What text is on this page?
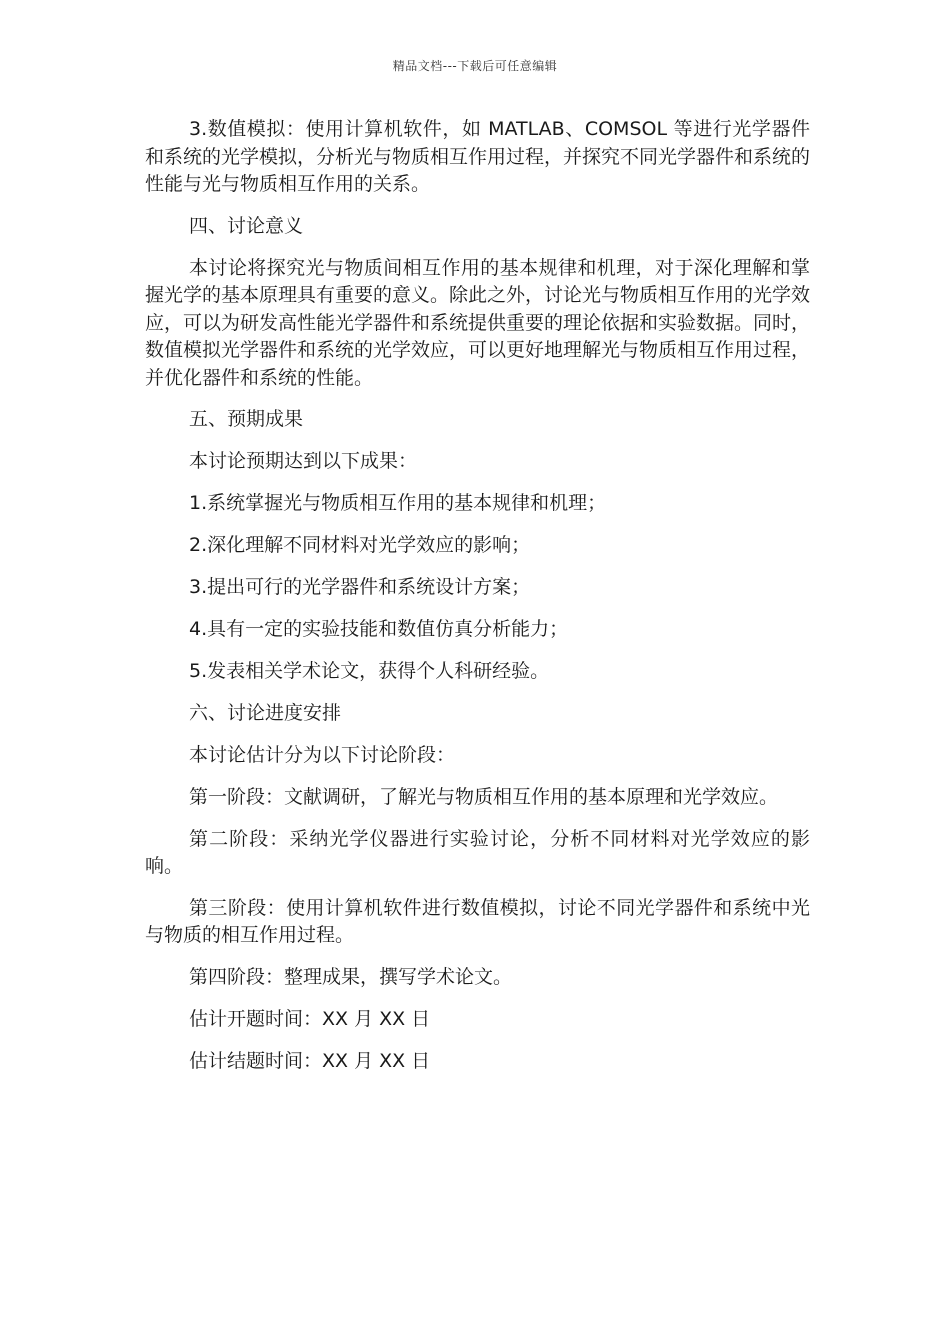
精品文档---下载后可任意编辑

3.数值模拟：使用计算机软件，如 MATLAB、COMSOL 等进行光学器件和系统的光学模拟，分析光与物质相互作用过程，并探究不同光学器件和系统的性能与光与物质相互作用的关系。

四、讨论意义

本讨论将探究光与物质间相互作用的基本规律和机理，对于深化理解和掌握光学的基本原理具有重要的意义。除此之外，讨论光与物质相互作用的光学效应，可以为研发高性能光学器件和系统提供重要的理论依据和实验数据。同时，数值模拟光学器件和系统的光学效应，可以更好地理解光与物质相互作用过程，并优化器件和系统的性能。

五、预期成果

本讨论预期达到以下成果：

1.系统掌握光与物质相互作用的基本规律和机理；

2.深化理解不同材料对光学效应的影响；

3.提出可行的光学器件和系统设计方案；

4.具有一定的实验技能和数值仿真分析能力；

5.发表相关学术论文，获得个人科研经验。

六、讨论进度安排

本讨论估计分为以下讨论阶段：

第一阶段：文献调研，了解光与物质相互作用的基本原理和光学效应。

第二阶段：采纳光学仪器进行实验讨论，分析不同材料对光学效应的影响。

第三阶段：使用计算机软件进行数值模拟，讨论不同光学器件和系统中光与物质的相互作用过程。

第四阶段：整理成果，撰写学术论文。

估计开题时间：XX 月 XX 日

估计结题时间：XX 月 XX 日
